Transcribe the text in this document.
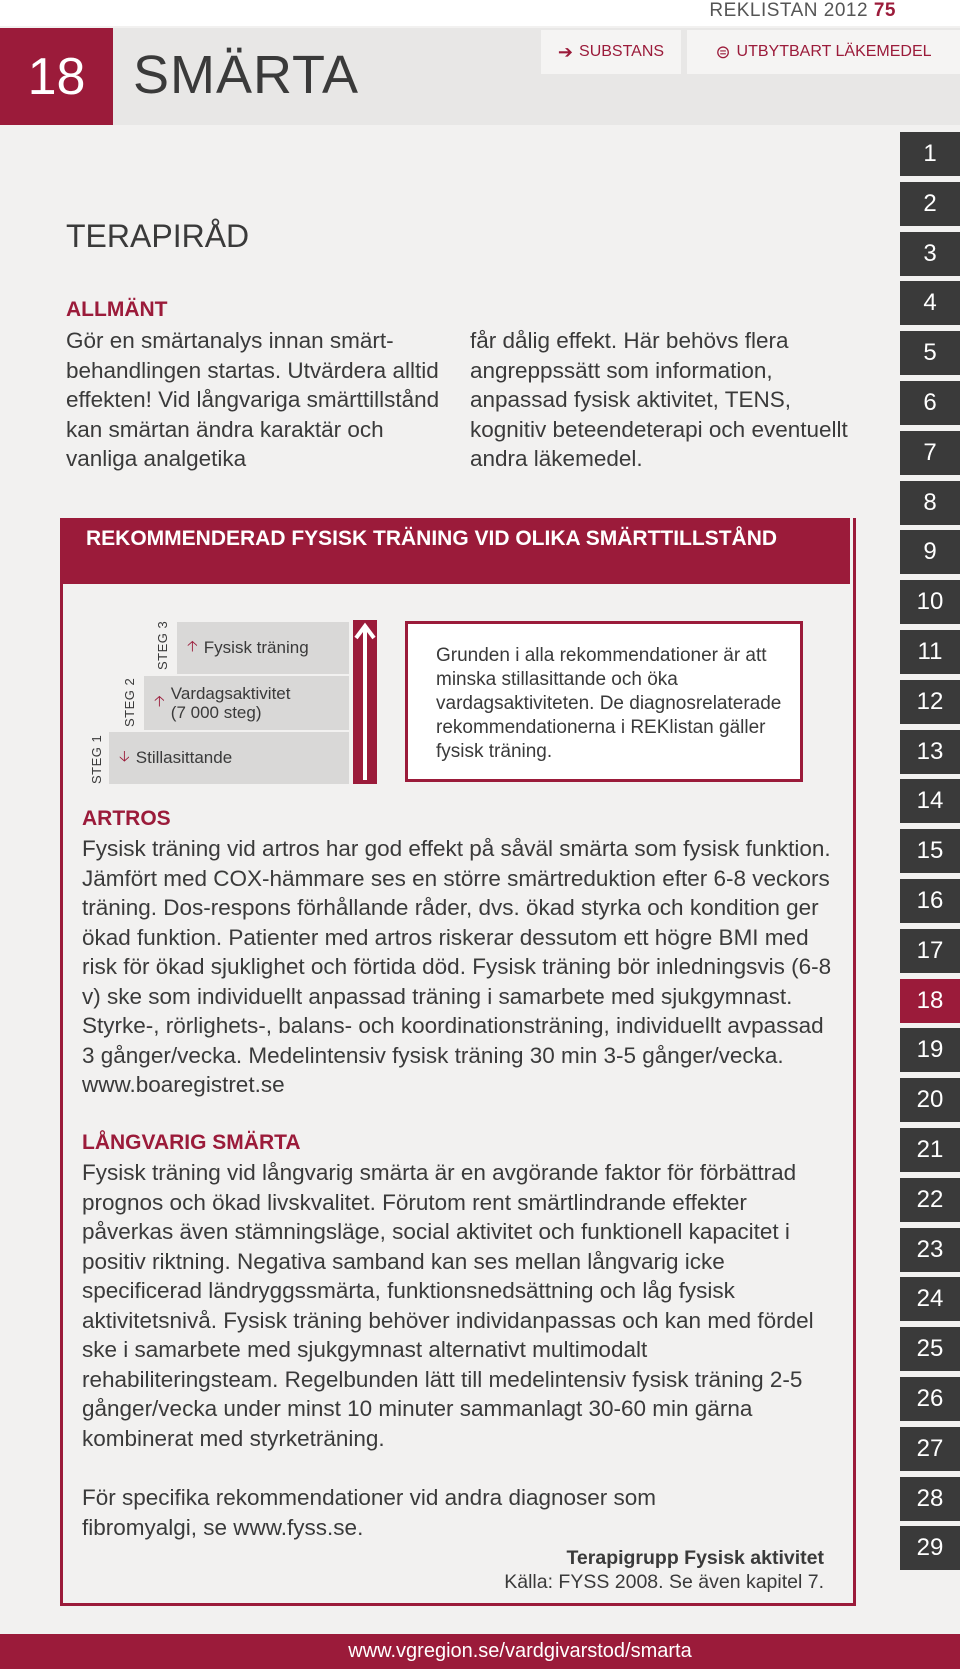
REKLISTAN 2012 75
18 SMÄRTA	➔ SUBSTANS	⊜ UTBYTBART LÄKEMEDEL
1
2
3
4
5
6
7
8
9
10
11
12
13
14
15
16
17
18
19
20
21
22
23
24
25
26
27
28
29
TERAPIRÅD
ALLMÄNT
Gör en smärtanalys innan smärtbehandlingen startas. Utvärdera alltid effekten! Vid långvariga smärttillstånd kan smärtan ändra karaktär och vanliga analgetika
får dålig effekt. Här behövs flera angreppssätt som information, anpassad fysisk aktivitet, TENS, kognitiv beteendeterapi och eventuellt andra läkemedel.
REKOMMENDERAD FYSISK TRÄNING VID OLIKA SMÄRTTILLSTÅND
STEG 1
STEG 2
STEG 3
🡣 Stillasittande
🡡 Vardagsaktivitet
(7 000 steg)
🡡 Fysisk träning	Grunden i alla rekommendationer är att minska stillasittande och öka vardagsaktiviteten. De diagnosrelaterade rekommendationerna i REKlistan gäller fysisk träning.
ARTROS

Fysisk träning vid artros har god effekt på såväl smärta som fysisk funktion. Jämfört med COX-hämmare ses en större smärtreduktion efter 6-8 veckors träning. Dos-respons förhållande råder, dvs. ökad styrka och kondition ger ökad funktion. Patienter med artros riskerar dessutom ett högre BMI med risk för ökad sjuklighet och förtida död. Fysisk träning bör inledningsvis (6-8 v) ske som individuellt anpassad träning i samarbete med sjukgymnast. Styrke-, rörlighets-, balans- och koordinationsträning, individuellt avpassad 3 gånger/vecka. Medelintensiv fysisk träning 30 min 3-5 gånger/vecka. www.boaregistret.se

LÅNGVARIG SMÄRTA

Fysisk träning vid långvarig smärta är en avgörande faktor för förbättrad prognos och ökad livskvalitet. Förutom rent smärtlindrande effekter påverkas även stämningsläge, social aktivitet och funktionell kapacitet i positiv riktning. Negativa samband kan ses mellan långvarig icke specificerad ländryggssmärta, funktionsnedsättning och låg fysisk aktivitetsnivå. Fysisk träning behöver individanpassas och kan med fördel ske i samarbete med sjukgymnast alternativt multimodalt rehabiliteringsteam. Regelbunden lätt till medelintensiv fysisk träning 2-5 gånger/vecka under minst 10 minuter sammanlagt 30-60 min gärna kombinerat med styrketräning.

För specifika rekommendationer vid andra diagnoser som fibromyalgi, se www.fyss.se.

Terapigrupp Fysisk aktivitet
Källa: FYSS 2008. Se även kapitel 7.
www.vgregion.se/vardgivarstod/smarta
